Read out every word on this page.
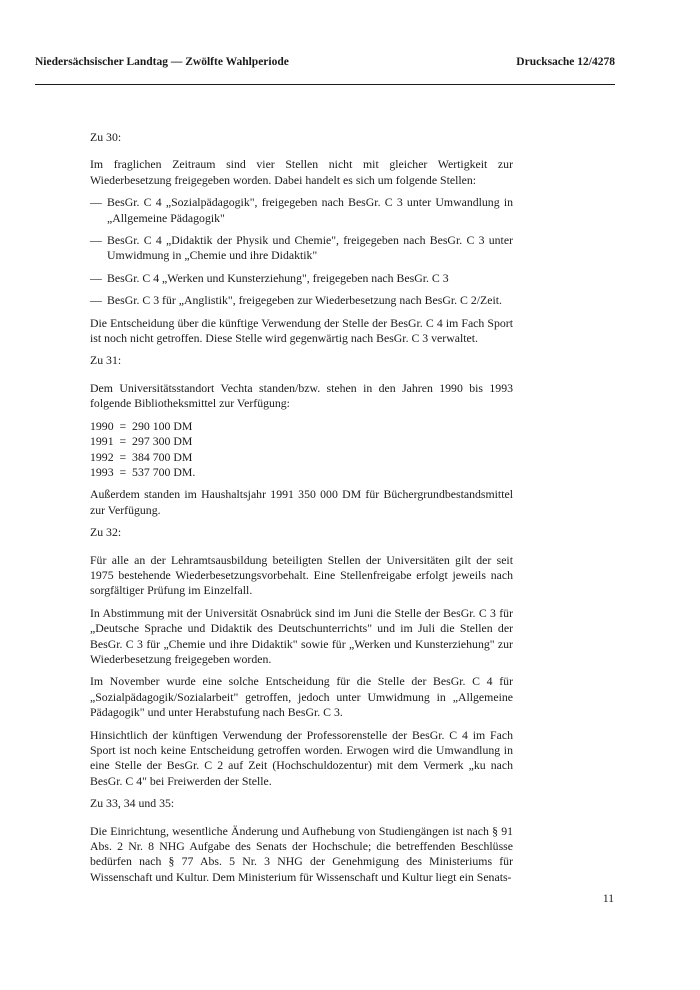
Niedersächsischer Landtag — Zwölfte Wahlperiode	Drucksache 12/4278

Zu 30:

Im fraglichen Zeitraum sind vier Stellen nicht mit gleicher Wertigkeit zur Wiederbesetzung freigegeben worden. Dabei handelt es sich um folgende Stellen:

— BesGr. C 4 „Sozialpädagogik", freigegeben nach BesGr. C 3 unter Umwandlung in „Allgemeine Pädagogik"
— BesGr. C 4 „Didaktik der Physik und Chemie", freigegeben nach BesGr. C 3 unter Umwidmung in „Chemie und ihre Didaktik"
— BesGr. C 4 „Werken und Kunsterziehung", freigegeben nach BesGr. C 3
— BesGr. C 3 für „Anglistik", freigegeben zur Wiederbesetzung nach BesGr. C 2/Zeit.

Die Entscheidung über die künftige Verwendung der Stelle der BesGr. C 4 im Fach Sport ist noch nicht getroffen. Diese Stelle wird gegenwärtig nach BesGr. C 3 verwaltet.

Zu 31:

Dem Universitätsstandort Vechta standen/bzw. stehen in den Jahren 1990 bis 1993 folgende Bibliotheksmittel zur Verfügung:

1990  =  290 100 DM
1991  =  297 300 DM
1992  =  384 700 DM
1993  =  537 700 DM.

Außerdem standen im Haushaltsjahr 1991 350 000 DM für Büchergrundbestandsmittel zur Verfügung.

Zu 32:

Für alle an der Lehramtsausbildung beteiligten Stellen der Universitäten gilt der seit 1975 bestehende Wiederbesetzungsvorbehalt. Eine Stellenfreigabe erfolgt jeweils nach sorgfältiger Prüfung im Einzelfall.

In Abstimmung mit der Universität Osnabrück sind im Juni die Stelle der BesGr. C 3 für „Deutsche Sprache und Didaktik des Deutschunterrichts" und im Juli die Stellen der BesGr. C 3 für „Chemie und ihre Didaktik" sowie für „Werken und Kunsterziehung" zur Wiederbesetzung freigegeben worden.

Im November wurde eine solche Entscheidung für die Stelle der BesGr. C 4 für „Sozialpädagogik/Sozialarbeit" getroffen, jedoch unter Umwidmung in „Allgemeine Pädagogik" und unter Herabstufung nach BesGr. C 3.

Hinsichtlich der künftigen Verwendung der Professorenstelle der BesGr. C 4 im Fach Sport ist noch keine Entscheidung getroffen worden. Erwogen wird die Umwandlung in eine Stelle der BesGr. C 2 auf Zeit (Hochschuldozentur) mit dem Vermerk „ku nach BesGr. C 4" bei Freiwerden der Stelle.

Zu 33, 34 und 35:

Die Einrichtung, wesentliche Änderung und Aufhebung von Studiengängen ist nach § 91 Abs. 2 Nr. 8 NHG Aufgabe des Senats der Hochschule; die betreffenden Beschlüsse bedürfen nach § 77 Abs. 5 Nr. 3 NHG der Genehmigung des Ministeriums für Wissenschaft und Kultur. Dem Ministerium für Wissenschaft und Kultur liegt ein Senats-

11
